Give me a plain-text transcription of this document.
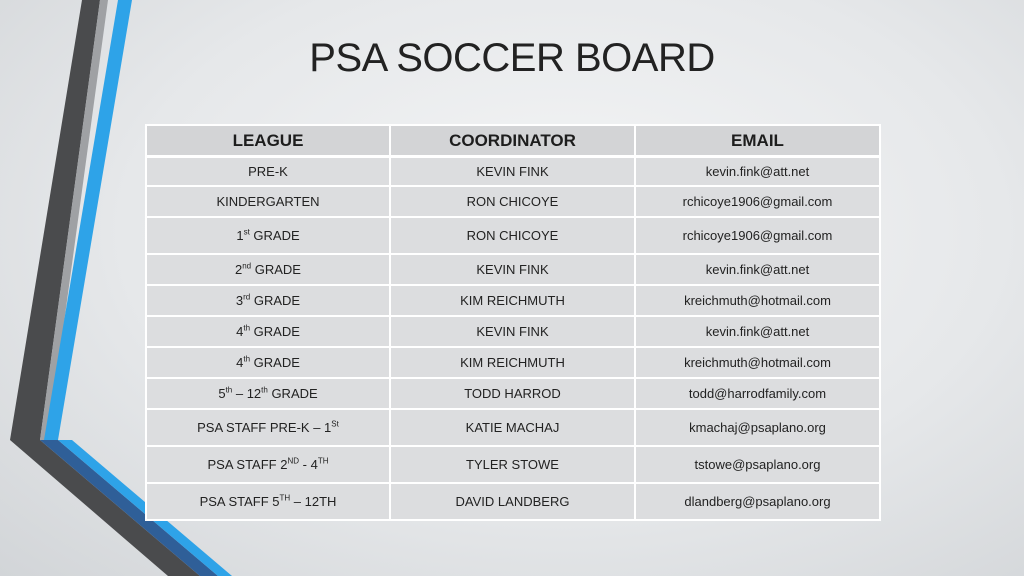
PSA SOCCER BOARD
LEAGUE	COORDINATOR	EMAIL
PRE-K	KEVIN FINK	kevin.fink@att.net
KINDERGARTEN	RON CHICOYE	rchicoye1906@gmail.com
1st GRADE	RON CHICOYE	rchicoye1906@gmail.com
2nd GRADE	KEVIN FINK	kevin.fink@att.net
3rd GRADE	KIM REICHMUTH	kreichmuth@hotmail.com
4th GRADE	KEVIN FINK	kevin.fink@att.net
4th GRADE	KIM REICHMUTH	kreichmuth@hotmail.com
5th – 12th GRADE	TODD HARROD	todd@harrodfamily.com
PSA STAFF PRE-K – 1St	KATIE MACHAJ	kmachaj@psaplano.org
PSA STAFF 2ND - 4TH	TYLER STOWE	tstowe@psaplano.org
PSA STAFF 5TH – 12TH	DAVID LANDBERG	dlandberg@psaplano.org
